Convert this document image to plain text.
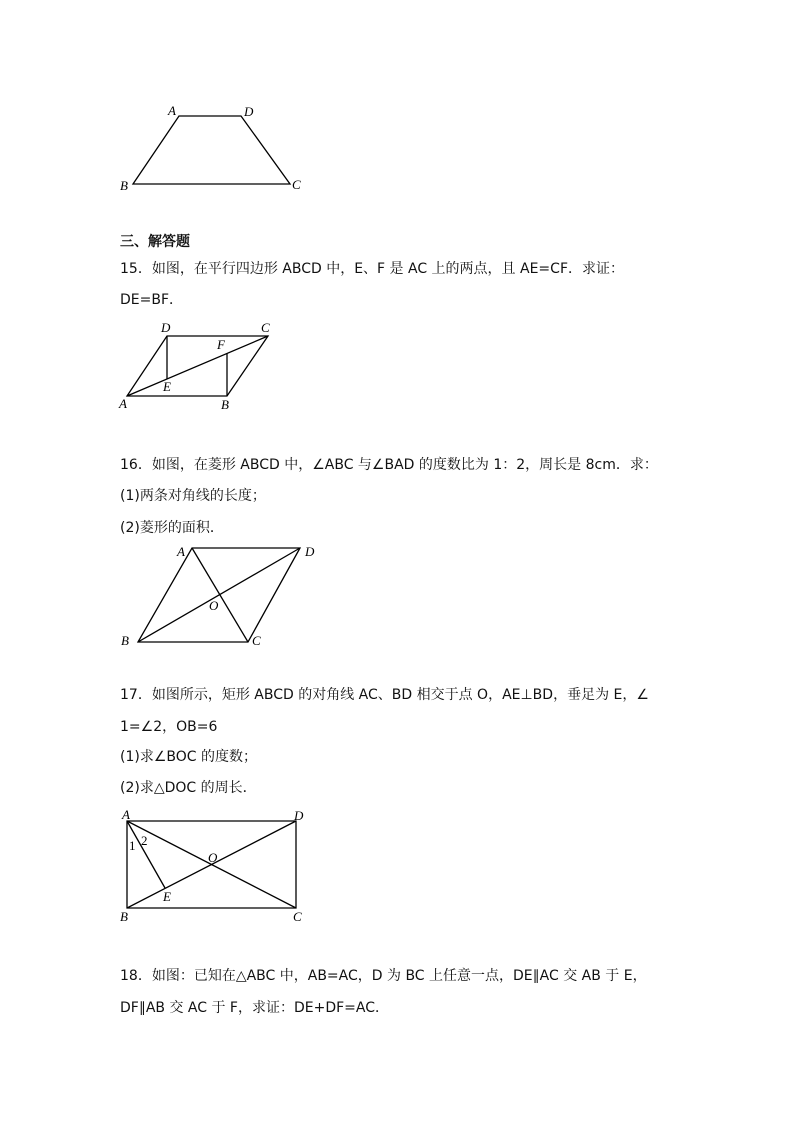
A	D
B	C
三、解答题
15．如图，在平行四边形 ABCD 中，E、F 是 AC 上的两点，且 AE=CF．求证：
DE=BF．
D	C
F
E
A	B
16．如图，在菱形 ABCD 中，∠ABC 与∠BAD 的度数比为 1：2，周长是 8cm．求：
(1)两条对角线的长度；
(2)菱形的面积．
A	D
O
B	C
17．如图所示，矩形 ABCD 的对角线 AC、BD 相交于点 O，AE⊥BD，垂足为 E，∠
1=∠2，OB=6
(1)求∠BOC 的度数；
(2)求△DOC 的周长．
A	D
1 2
O
E
B	C
18．如图：已知在△ABC 中，AB=AC，D 为 BC 上任意一点，DE∥AC 交 AB 于 E，
DF∥AB 交 AC 于 F，求证：DE+DF=AC．
